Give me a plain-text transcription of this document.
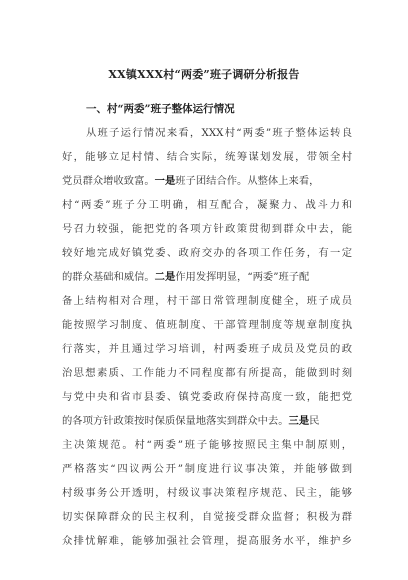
XX镇XXX村“两委”班子调研分析报告
一、村“两委”班子整体运行情况
从班子运行情况来看，XXX村“两委”班子整体运转良
好，能够立足村情、结合实际，统筹谋划发展，带领全村
党员群众增收致富。一是班子团结合作。从整体上来看，
村“两委”班子分工明确，相互配合，凝聚力、战斗力和
号召力较强，能把党的各项方针政策贯彻到群众中去，能
较好地完成好镇党委、政府交办的各项工作任务，有一定
的群众基础和威信。二是作用发挥明显，“两委”班子配
备上结构相对合理，村干部日常管理制度健全，班子成员
能按照学习制度、值班制度、干部管理制度等规章制度执
行落实，并且通过学习培训，村两委班子成员及党员的政
治思想素质、工作能力不同程度都有所提高，能做到时刻
与党中央和省市县委、镇党委政府保持高度一致，能把党
的各项方针政策按时保质保量地落实到群众中去。三是民
主决策规范。村“两委”班子能够按照民主集中制原则，
严格落实“四议两公开”制度进行议事决策，并能够做到
村级事务公开透明，村级议事决策程序规范、民主，能够
切实保障群众的民主权利，自觉接受群众监督；积极为群
众排忧解难，能够加强社会管理，提高服务水平，维护乡
